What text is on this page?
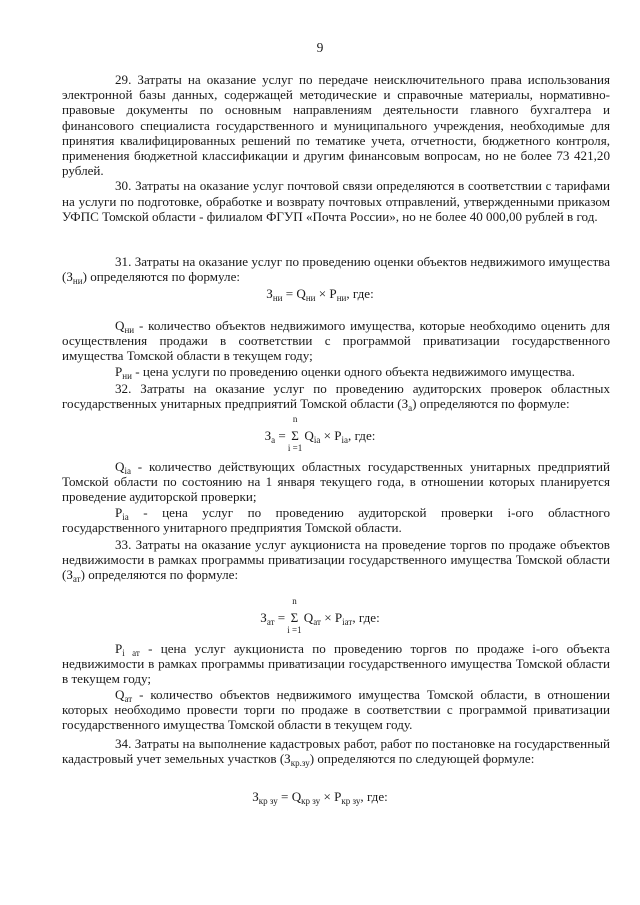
9

29. Затраты на оказание услуг по передаче неисключительного права использования электронной базы данных, содержащей методические и справочные материалы, нормативно-правовые документы по основным направлениям деятельности главного бухгалтера и финансового специалиста государственного и муниципального учреждения, необходимые для принятия квалифицированных решений по тематике учета, отчетности, бюджетного контроля, применения бюджетной классификации и другим финансовым вопросам, но не более 73 421,20 рублей.

30. Затраты на оказание услуг почтовой связи определяются в соответствии с тарифами на услуги по подготовке, обработке и возврату почтовых отправлений, утвержденными приказом УФПС Томской области - филиалом ФГУП «Почта России», но не более 40 000,00 рублей в год.

31. Затраты на оказание услуг по проведению оценки объектов недвижимого имущества $(З_{ни})$ определяются по формуле:

$З_{ни} = Q_{ни} \times P_{ни}$, где:

$Q_{ни}$ - количество объектов недвижимого имущества, которые необходимо оценить для осуществления продажи в соответствии с программой приватизации государственного имущества Томской области в текущем году;

$P_{ни}$ - цена услуги по проведению оценки одного объекта недвижимого имущества.

32. Затраты на оказание услуг по проведению аудиторских проверок областных государственных унитарных предприятий Томской области $(З_а)$ определяются по формуле:

$З_а$ =
n
Σ
i =1
$Q_{ia} \times P_{ia}$, где:

$Q_{ia}$ - количество действующих областных государственных унитарных предприятий Томской области по состоянию на 1 января текущего года, в отношении которых планируется проведение аудиторской проверки;

$P_{ia}$ - цена услуг по проведению аудиторской проверки i-ого областного государственного унитарного предприятия Томской области.

33. Затраты на оказание услуг аукциониста на проведение торгов по продаже объектов недвижимости в рамках программы приватизации государственного имущества Томской области $(З_{ат})$ определяются по формуле:

$З_{ат}$ =
n
Σ
i =1
$Q_{ат} \times P_{iат}$, где:

$P_{i ат}$ - цена услуг аукциониста по проведению торгов по продаже i-ого объекта недвижимости в рамках программы приватизации государственного имущества Томской области в текущем году;

$Q_{ат}$ - количество объектов недвижимого имущества Томской области, в отношении которых необходимо провести торги по продаже в соответствии с программой приватизации государственного имущества Томской области в текущем году.

34. Затраты на выполнение кадастровых работ, работ по постановке на государственный кадастровый учет земельных участков $(З_{кр.зу})$ определяются по следующей формуле:

$З_{кр зу} = Q_{кр зу} \times P_{кр зу}$, где:
